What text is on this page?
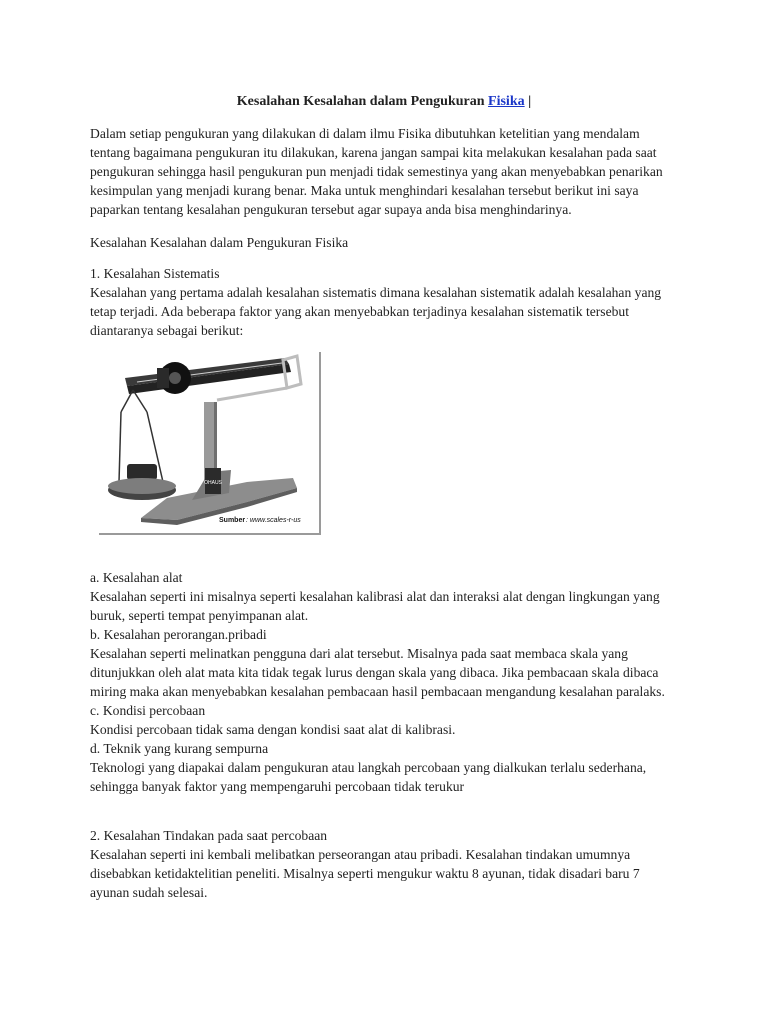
Kesalahan Kesalahan dalam Pengukuran Fisika |

Dalam setiap pengukuran yang dilakukan di dalam ilmu Fisika dibutuhkan ketelitian yang mendalam
tentang bagaimana pengukuran itu dilakukan, karena jangan sampai kita melakukan kesalahan pada saat
pengukuran sehingga hasil pengukuran pun menjadi tidak semestinya yang akan menyebabkan penarikan
kesimpulan yang menjadi kurang benar. Maka untuk menghindari kesalahan tersebut berikut ini saya
paparkan tentang kesalahan pengukuran tersebut agar supaya anda bisa menghindarinya.

Kesalahan Kesalahan dalam Pengukuran Fisika

1. Kesalahan Sistematis
Kesalahan yang pertama adalah kesalahan sistematis dimana kesalahan sistematik adalah kesalahan yang
tetap terjadi. Ada beberapa faktor yang akan menyebabkan terjadinya kesalahan sistematik tersebut
diantaranya sebagai berikut:

OHAUS
Sumber : www.scales-r-us

a. Kesalahan alat
Kesalahan seperti ini misalnya seperti kesalahan kalibrasi alat dan interaksi alat dengan lingkungan yang
buruk, seperti tempat penyimpanan alat.
b. Kesalahan perorangan.pribadi
Kesalahan seperti melinatkan pengguna dari alat tersebut. Misalnya pada saat membaca skala yang
ditunjukkan oleh alat mata kita tidak tegak lurus dengan skala yang dibaca. Jika pembacaan skala dibaca
miring maka akan menyebabkan kesalahan pembacaan hasil pembacaan mengandung kesalahan paralaks.
c. Kondisi percobaan
Kondisi percobaan tidak sama dengan kondisi saat alat di kalibrasi.
d. Teknik yang kurang sempurna
Teknologi yang diapakai dalam pengukuran atau langkah percobaan yang dialkukan terlalu sederhana,
sehingga banyak faktor yang mempengaruhi percobaan tidak terukur

2. Kesalahan Tindakan pada saat percobaan
Kesalahan seperti ini kembali melibatkan perseorangan atau pribadi. Kesalahan tindakan umumnya
disebabkan ketidaktelitian peneliti. Misalnya seperti mengukur waktu 8 ayunan, tidak disadari baru 7
ayunan sudah selesai.
